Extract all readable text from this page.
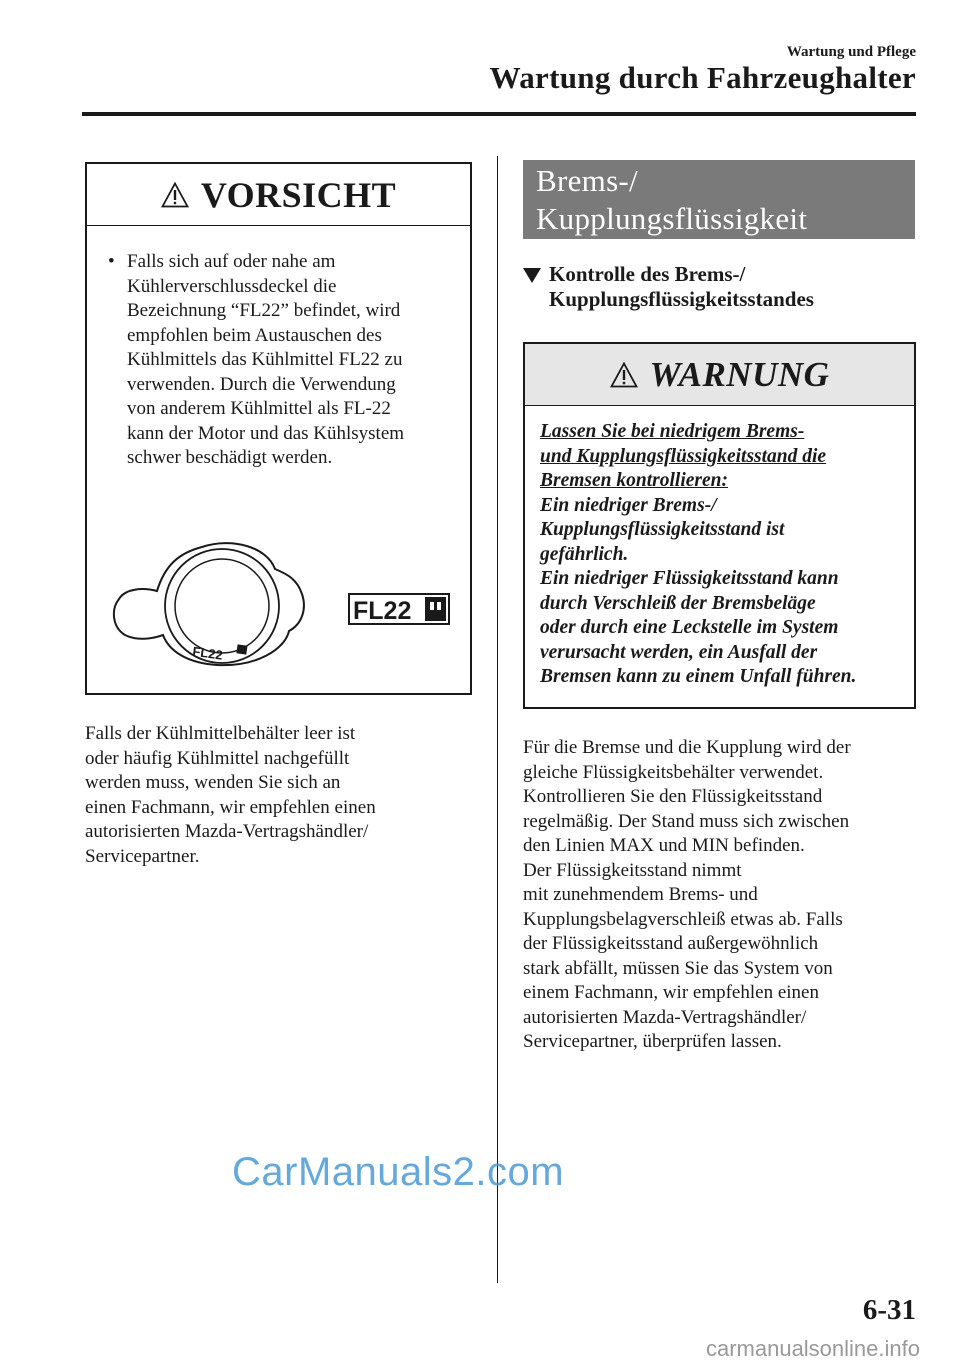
Wartung und Pflege
Wartung durch Fahrzeughalter
VORSICHT
• Falls sich auf oder nahe am
Kühlerverschlussdeckel die
Bezeichnung “FL22” befindet, wird
empfohlen beim Austauschen des
Kühlmittels das Kühlmittel FL22 zu
verwenden. Durch die Verwendung
von anderem Kühlmittel als FL-22
kann der Motor und das Kühlsystem
schwer beschädigt werden.
FL22
FL22
Falls der Kühlmittelbehälter leer ist
oder häufig Kühlmittel nachgefüllt
werden muss, wenden Sie sich an
einen Fachmann, wir empfehlen einen
autorisierten Mazda-Vertragshändler/
Servicepartner.
Brems-/
Kupplungsflüssigkeit
Kontrolle des Brems-/
Kupplungsflüssigkeitsstandes
WARNUNG
Lassen Sie bei niedrigem Brems-
und Kupplungsflüssigkeitsstand die
Bremsen kontrollieren:
Ein niedriger Brems-/
Kupplungsflüssigkeitsstand ist
gefährlich.
Ein niedriger Flüssigkeitsstand kann
durch Verschleiß der Bremsbeläge
oder durch eine Leckstelle im System
verursacht werden, ein Ausfall der
Bremsen kann zu einem Unfall führen.
Für die Bremse und die Kupplung wird der
gleiche Flüssigkeitsbehälter verwendet.
Kontrollieren Sie den Flüssigkeitsstand
regelmäßig. Der Stand muss sich zwischen
den Linien MAX und MIN befinden.
Der Flüssigkeitsstand nimmt
mit zunehmendem Brems- und
Kupplungsbelagverschleiß etwas ab. Falls
der Flüssigkeitsstand außergewöhnlich
stark abfällt, müssen Sie das System von
einem Fachmann, wir empfehlen einen
autorisierten Mazda-Vertragshändler/
Servicepartner, überprüfen lassen.
CarManuals2.com
6-31
carmanualsonline.info
